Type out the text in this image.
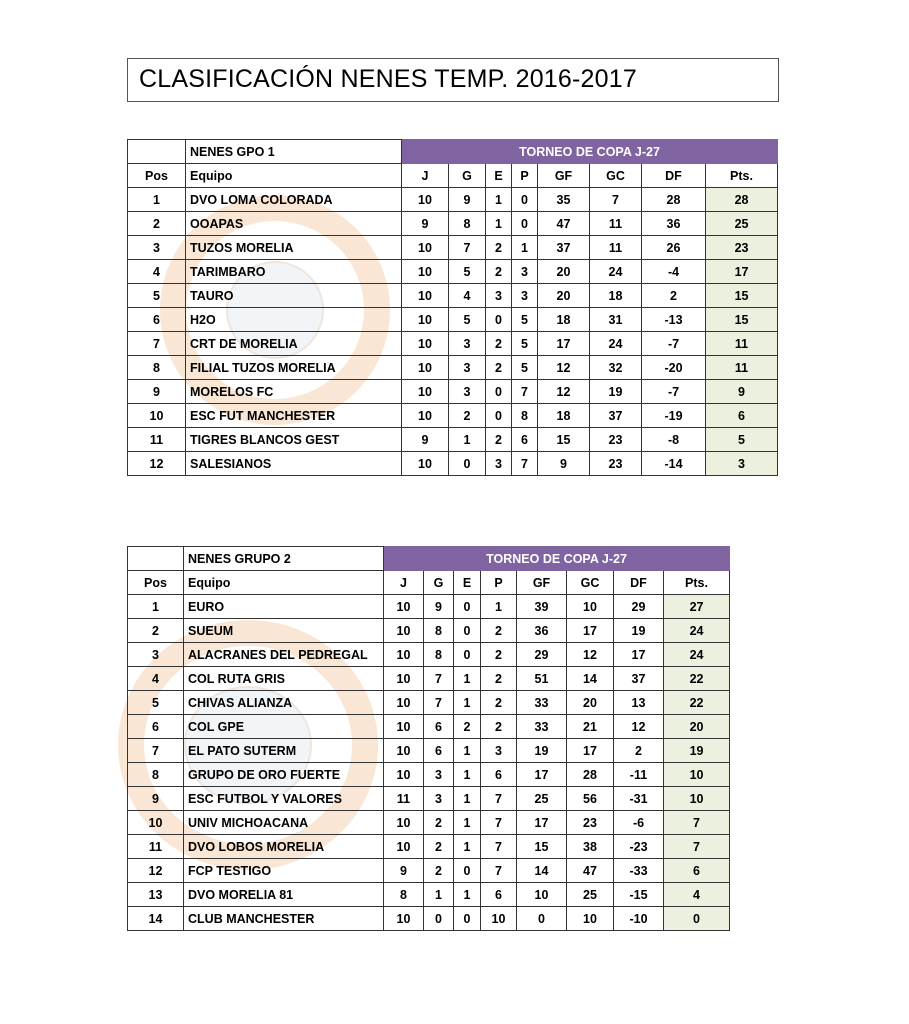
CLASIFICACIÓN NENES TEMP. 2016-2017
	NENES GPO 1	TORNEO DE COPA J-27							
Pos	Equipo	J	G	E	P	GF	GC	DF	Pts.
1	DVO LOMA COLORADA	10	9	1	0	35	7	28	28
2	OOAPAS	9	8	1	0	47	11	36	25
3	TUZOS MORELIA	10	7	2	1	37	11	26	23
4	TARIMBARO	10	5	2	3	20	24	-4	17
5	TAURO	10	4	3	3	20	18	2	15
6	H2O	10	5	0	5	18	31	-13	15
7	CRT DE MORELIA	10	3	2	5	17	24	-7	11
8	FILIAL TUZOS MORELIA	10	3	2	5	12	32	-20	11
9	MORELOS FC	10	3	0	7	12	19	-7	9
10	ESC FUT MANCHESTER	10	2	0	8	18	37	-19	6
11	TIGRES BLANCOS GEST	9	1	2	6	15	23	-8	5
12	SALESIANOS	10	0	3	7	9	23	-14	3
	NENES GRUPO 2	TORNEO DE COPA J-27							
Pos	Equipo	J	G	E	P	GF	GC	DF	Pts.
1	EURO	10	9	0	1	39	10	29	27
2	SUEUM	10	8	0	2	36	17	19	24
3	ALACRANES DEL PEDREGAL	10	8	0	2	29	12	17	24
4	COL RUTA GRIS	10	7	1	2	51	14	37	22
5	CHIVAS ALIANZA	10	7	1	2	33	20	13	22
6	COL GPE	10	6	2	2	33	21	12	20
7	EL PATO SUTERM	10	6	1	3	19	17	2	19
8	GRUPO DE ORO FUERTE	10	3	1	6	17	28	-11	10
9	ESC FUTBOL Y VALORES	11	3	1	7	25	56	-31	10
10	UNIV MICHOACANA	10	2	1	7	17	23	-6	7
11	DVO LOBOS MORELIA	10	2	1	7	15	38	-23	7
12	FCP TESTIGO	9	2	0	7	14	47	-33	6
13	DVO MORELIA 81	8	1	1	6	10	25	-15	4
14	CLUB MANCHESTER	10	0	0	10	0	10	-10	0
